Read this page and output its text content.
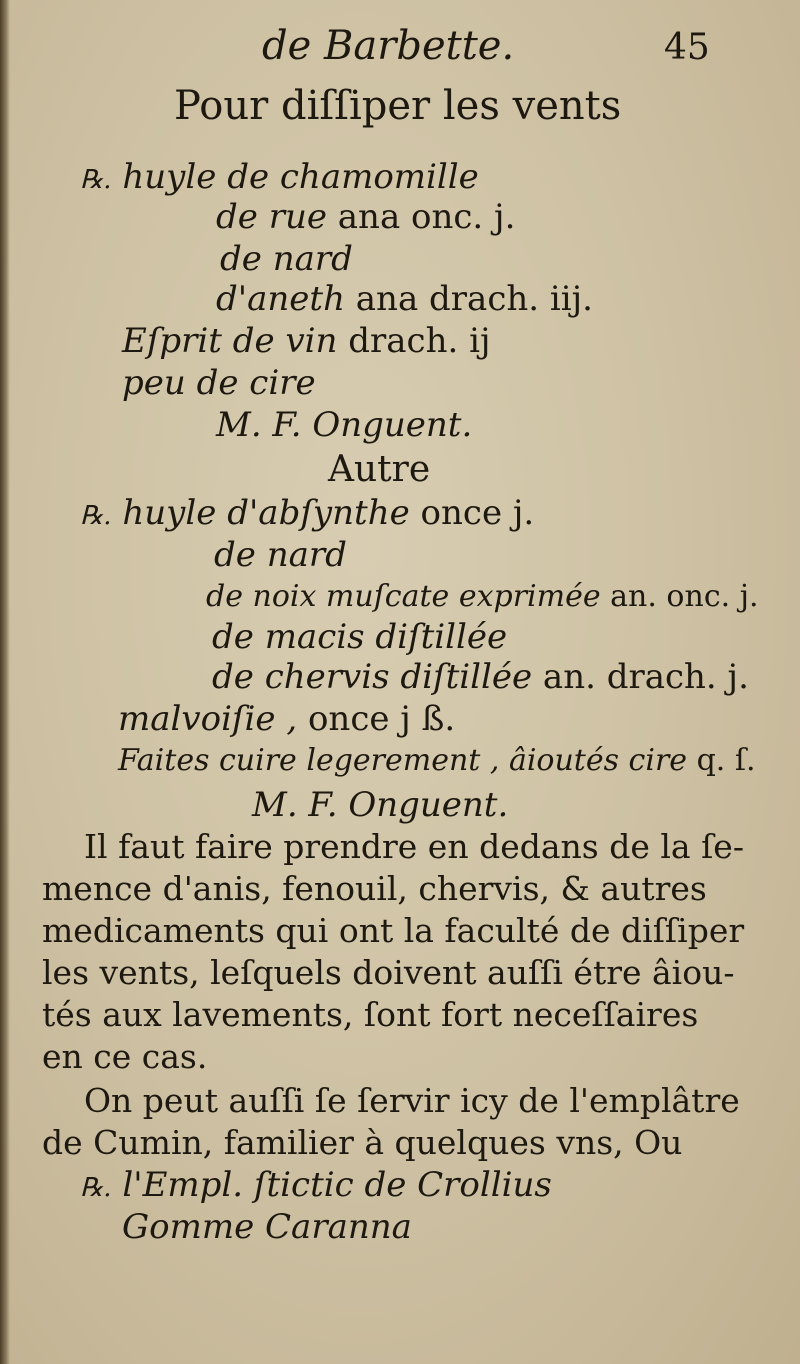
de Barbette.	45
Pour diſſiper les vents
℞. huyle de chamomille
de rue ana onc. j.
de nard
d'aneth ana drach. iij.
Eſprit de vin drach. ij
peu de cire
M. F. Onguent.
Autre
℞. huyle d'abſynthe once j.
de nard
de noix muſcate exprimée an. onc. j.
de macis diſtillée
de chervis diſtillée an. drach. j.
malvoiſie , once j ß.
Faites cuire legerement , âioutés cire q. ſ.
M. F. Onguent.
Il faut faire prendre en dedans de la ſe-
mence d'anis, fenouil, chervis, & autres
medicaments qui ont la faculté de diſſiper
les vents, leſquels doivent auſſi étre âiou-
tés aux lavements, ſont fort neceſſaires
en ce cas.
On peut auſſi ſe ſervir icy de l'emplâtre
de Cumin, familier à quelques vns, Ou
℞. l'Empl. ſtictic de Crollius
Gomme Caranna
